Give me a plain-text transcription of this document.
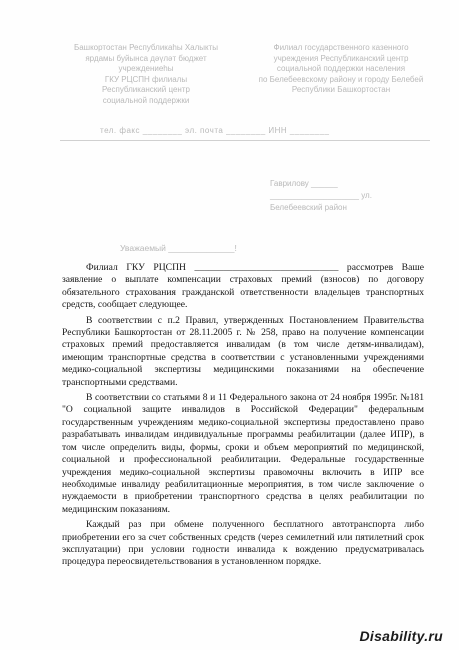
Башкортостан Республикаһы Халыкты
ярдамы буйынса дәүләт бюджет учреждениеһы
ГКУ РЦСПН филиалы
Республиканский центр
социальной поддержки
Филиал государственного казенного
учреждения Республиканский центр
социальной поддержки населения
по Белебеевскому району и городу Белебей
Республики Башкортостан
тел. факс ________ эл. почта ________ ИНН ________
Гаврилову ______
____________________ ул.
Белебеевский район
Уважаемый ______________!

Филиал ГКУ РЦСПН ______________________________ рассмотрев Ваше заявление о выплате компенсации страховых премий (взносов) по договору обязательного страхования гражданской ответственности владельцев транспортных средств, сообщает следующее.

В соответствии с п.2 Правил, утвержденных Постановлением Правительства Республики Башкортостан от 28.11.2005 г. № 258, право на получение компенсации страховых премий предоставляется инвалидам (в том числе детям-инвалидам), имеющим транспортные средства в соответствии с установленными учреждениями медико-социальной экспертизы медицинскими показаниями на обеспечение транспортными средствами.

В соответствии со статьями 8 и 11 Федерального закона от 24 ноября 1995г. №181 "О социальной защите инвалидов в Российской Федерации" федеральным государственным учреждениям медико-социальной экспертизы предоставлено право разрабатывать инвалидам индивидуальные программы реабилитации (далее ИПР), в том числе определить виды, формы, сроки и объем мероприятий по медицинской, социальной и профессиональной реабилитации. Федеральные государственные учреждения медико-социальной экспертизы правомочны включить в ИПР все необходимые инвалиду реабилитационные мероприятия, в том числе заключение о нуждаемости в приобретении транспортного средства в целях реабилитации по медицинским показаниям.

Каждый раз при обмене полученного бесплатного автотранспорта либо приобретении его за счет собственных средств (через семилетний или пятилетний срок эксплуатации) при условии годности инвалида к вождению предусматривалась процедура переосвидетельствования в установленном порядке.

Disability.ru
